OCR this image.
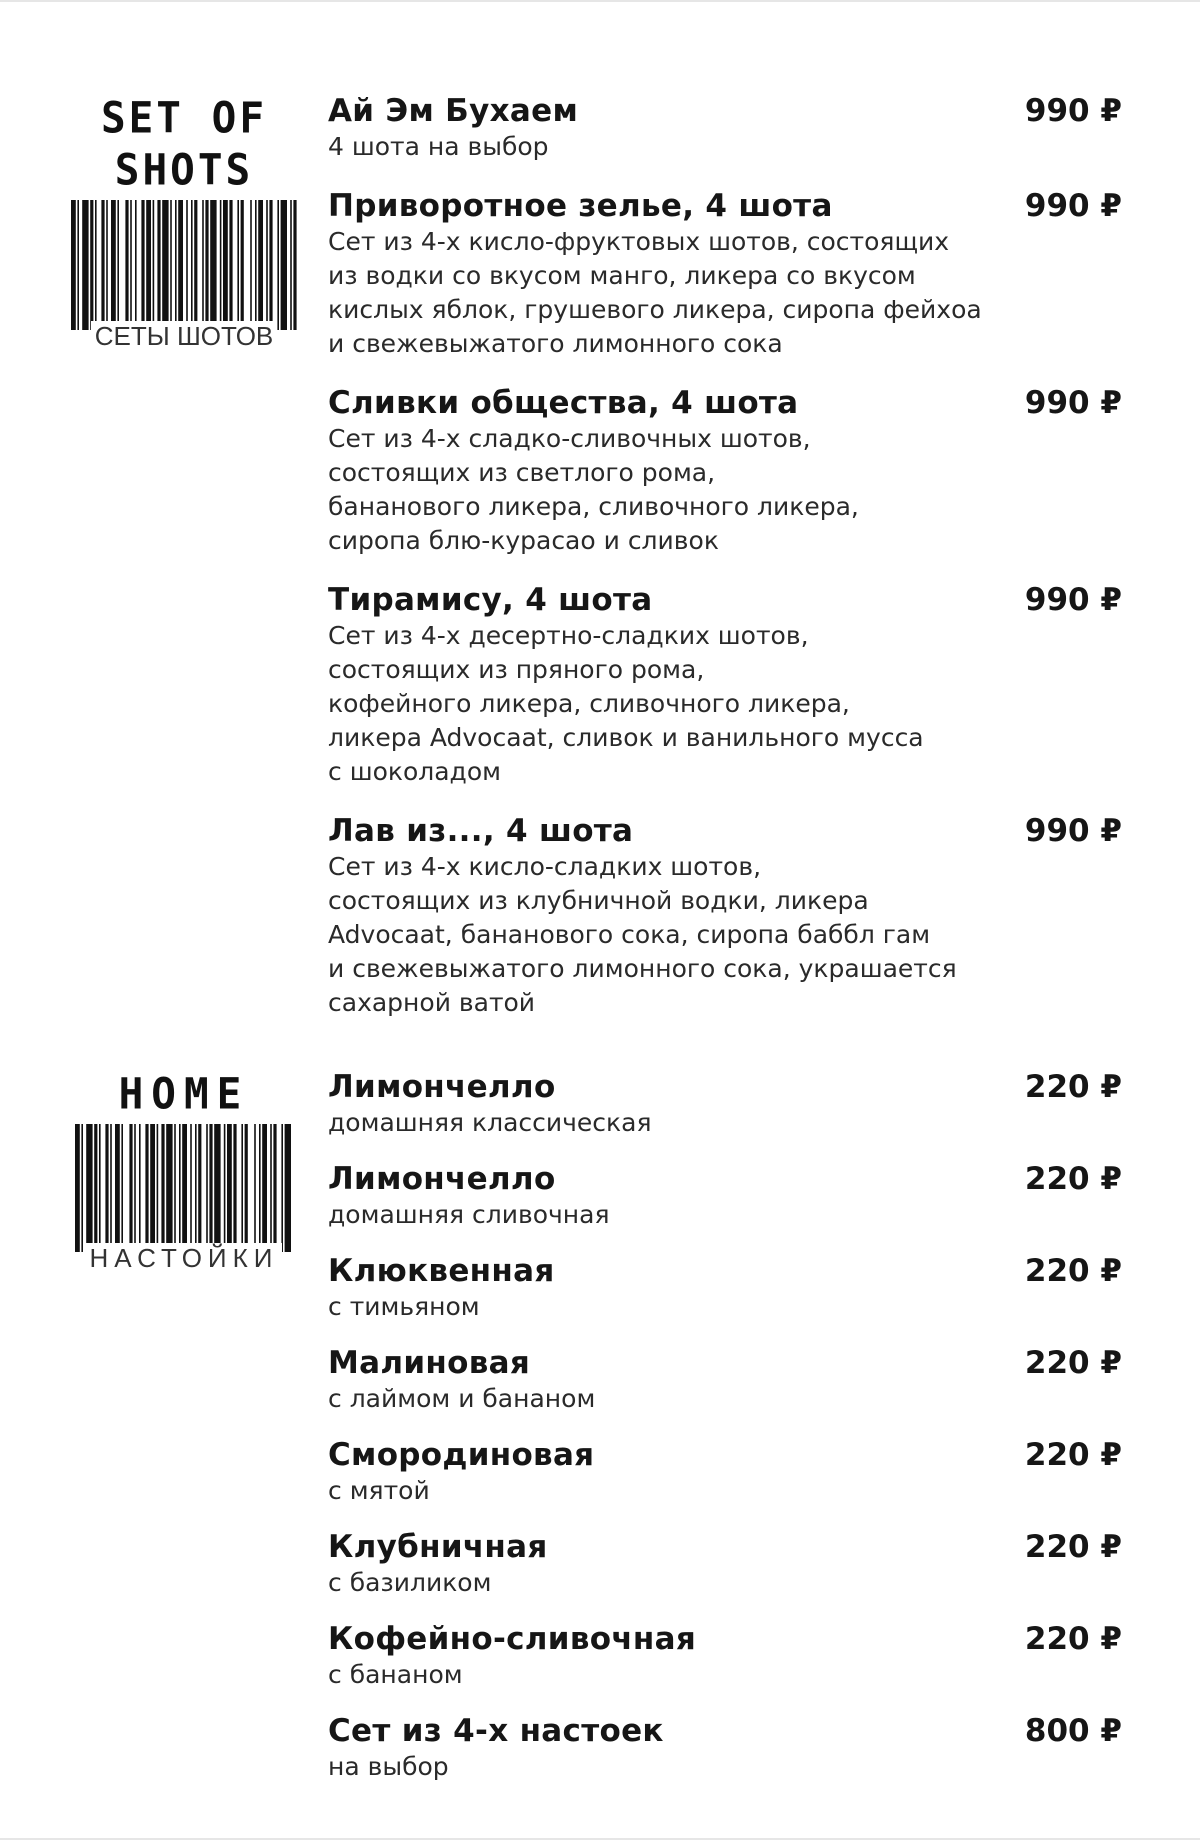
SET OF
SHOTS
СЕТЫ ШОТОВ
Ай Эм Бухаем	990 ₽
4 шота на выбор
Приворотное зелье, 4 шота	990 ₽
Сет из 4-х кисло-фруктовых шотов, состоящих
из водки со вкусом манго, ликера со вкусом
кислых яблок, грушевого ликера, сиропа фейхоа
и свежевыжатого лимонного сока
Сливки общества, 4 шота	990 ₽
Сет из 4-х сладко-сливочных шотов,
состоящих из светлого рома,
бананового ликера, сливочного ликера,
сиропа блю-курасао и сливок
Тирамису, 4 шота	990 ₽
Сет из 4-х десертно-сладких шотов,
состоящих из пряного рома,
кофейного ликера, сливочного ликера,
ликера Advocaat, сливок и ванильного мусса
с шоколадом
Лав из..., 4 шота	990 ₽
Сет из 4-х кисло-сладких шотов,
состоящих из клубничной водки, ликера
Advocaat, бананового сока, сиропа баббл гам
и свежевыжатого лимонного сока, украшается
сахарной ватой
HOME
НАСТОЙКИ
Лимончелло	220 ₽
домашняя классическая
Лимончелло	220 ₽
домашняя сливочная
Клюквенная	220 ₽
с тимьяном
Малиновая	220 ₽
с лаймом и бананом
Смородиновая	220 ₽
с мятой
Клубничная	220 ₽
с базиликом
Кофейно-сливочная	220 ₽
с бананом
Сет из 4-х настоек	800 ₽
на выбор
